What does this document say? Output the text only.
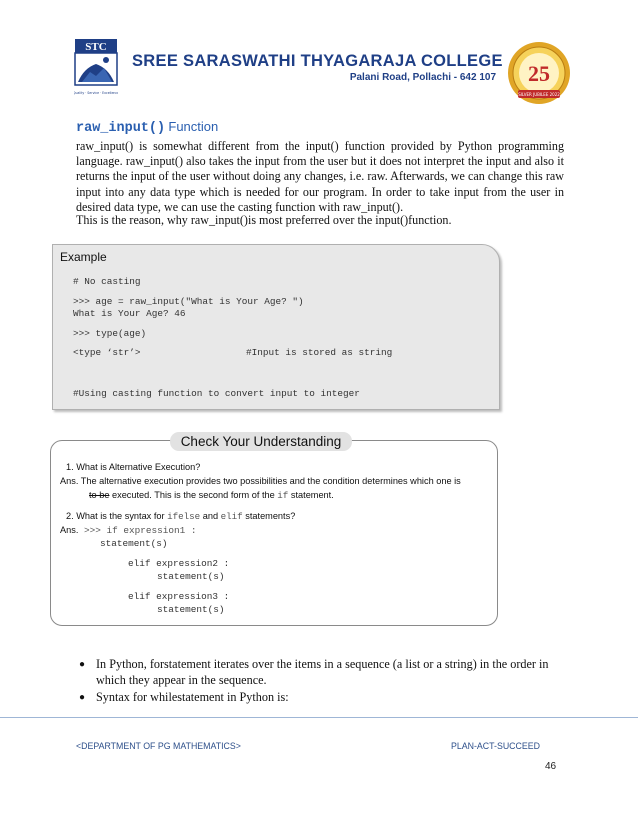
STC
Quality · Service · Excellence
SREE SARASWATHI THYAGARAJA COLLEGE
Palani Road, Pollachi - 642 107 25
SILVER JUBILEE 2022
raw_input() Function
raw_input() is somewhat different from the input() function provided by Python programming language. raw_input() also takes the input from the user but it does not interpret the input and also it returns the input of the user without doing any changes, i.e. raw. Afterwards, we can change this raw input into any data type which is needed for our program. In order to take input from the user in desired data type, we can use the casting function with raw_input().
This is the reason, why raw_input()is most preferred over the input()function.
Example
# No casting
>>> age = raw_input("What is Your Age? ")
What is Your Age? 46
>>> type(age)
<type ‘str’>	#Input is stored as string
#Using casting function to convert input to integer
Check Your Understanding
1. What is Alternative Execution?
Ans. The alternative execution provides two possibilities and the condition determines which one is
to be executed. This is the second form of the if statement.
2. What is the syntax for ifelse and elif statements?
Ans. >>> if expression1 :
statement(s)
elif expression2 :
statement(s)
elif expression3 :
statement(s)
● In Python, forstatement iterates over the items in a sequence (a list or a string) in the order in which they appear in the sequence.
● Syntax for whilestatement in Python is:
<DEPARTMENT OF PG MATHEMATICS>	PLAN-ACT-SUCCEED
46
